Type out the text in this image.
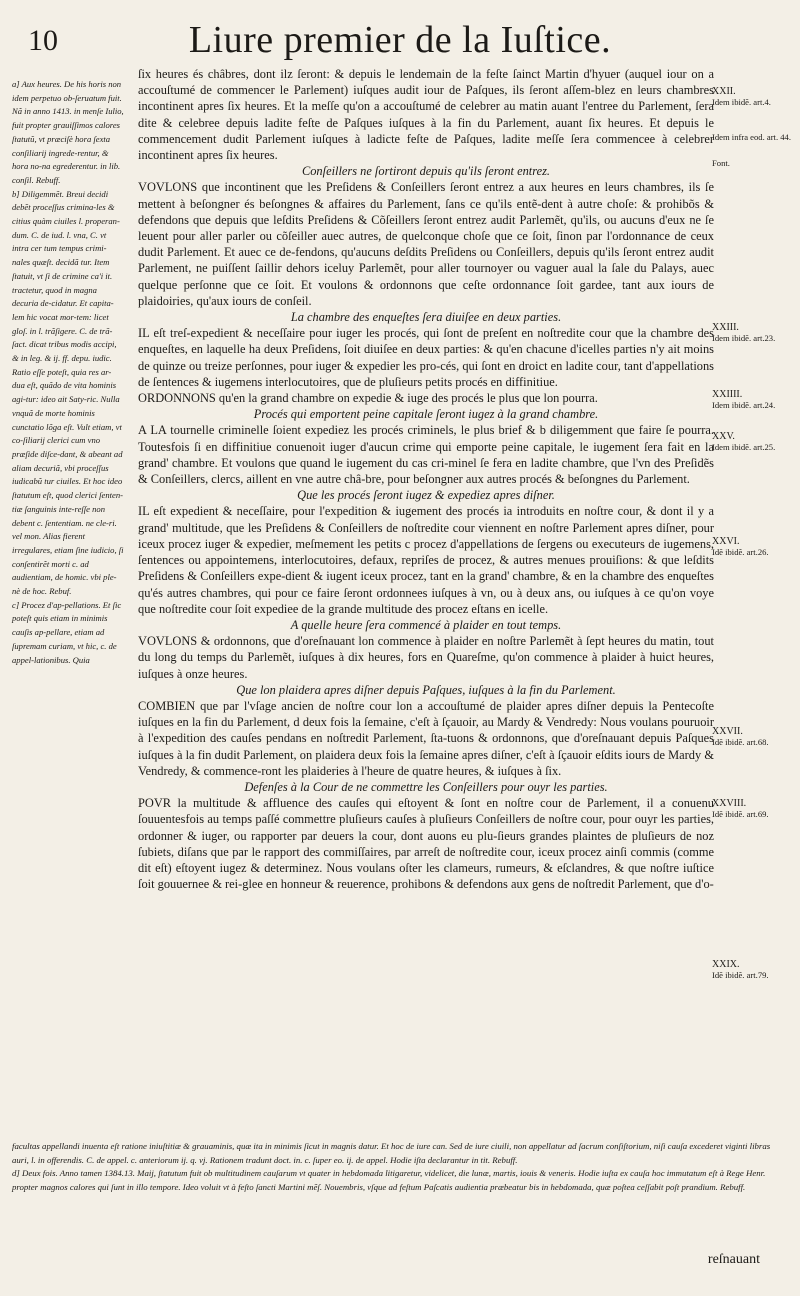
10	Liure premier de la Iuſtice.

a] Aux heures. De his horis non idem perpetuo ob-ſeruatum fuit. Nã in anno 1413. in menſe Iulio, fuit propter grauiſſimos calores ſtatutũ, vt præciſè hora ſexta conſiliarij ingrede-rentur, & hora no-na egrederentur. in lib. conſil. Rebuff.

b] Diligemmẽt. Breui decidi debẽt proceſſus crimina-les & citius quàm ciuiles l. properan-dum. C. de iud. l. vna, C. vt intra cer tum tempus crimi-nales quæſt. decidã tur. Item ſtatuit, vt ſi de crimine ca'i it. tractetur, quod in magna decuria de-cidatur. Et capita-lem hic vocat mor-tem: licet gloſ. in l. trãſigere. C. de trã-ſact. dicat tribus modis accipi, & in leg. & ij. ff. depu. iudic. Ratio eſſe poteſt, quia res ar-dua eſt, quãdo de vita hominis agi-tur: ideo ait Saty-ric. Nulla vnquã de morte hominis cunctatio lõga eſt. Vult etiam, vt co-ſiliarij clerici cum vno præſide diſce-dant, & abeant ad aliam decuriã, vbi proceſſus iudicabũ tur ciuiles. Et hoc ideo ſtatutum eſt, quod clerici ſenten-tiæ ſanguinis inte-reſſe non debent c. ſententiam. ne cle-ri. vel mon. Alias fierent irregulares, etiam ſine iudicio, ſi conſentirẽt morti c. ad audientiam, de homic. vbi ple-nè de hoc. Rebuf.

c] Procez d'ap-pellations. Et ſic poteſt quis etiam in minimis cauſis ap-pellare, etiam ad ſupremam curiam, vt hic, c. de appel-lationibus. Quia

ſix heures és châbres, dont ilz ſeront: & depuis le lendemain de la feſte ſainct Martin d'hyuer (auquel iour on a accouſtumé de commencer le Parlement) iuſques audit iour de Paſques, ils ſeront aſſem-blez en leurs chambres incontinent apres ſix heures. Et la meſſe qu'on a accouſtumé de celebrer au matin auant l'entree du Parlement, ſera dite & celebree depuis ladite feſte de Paſques iuſques à la fin du Parlement, auant ſix heures. Et depuis le commencement dudit Parlement iuſques à ladicte feſte de Paſques, ladite meſſe ſera commencee à celebrer incontinent apres ſix heures.

Conſeillers ne ſortiront depuis qu'ils ſeront entrez.

VOVLONS que incontinent que les Preſidens & Conſeillers ſeront entrez a aux heures en leurs chambres, ils ſe mettent à beſongner és beſongnes & affaires du Parlement, ſans ce qu'ils entẽ-dent à autre choſe: & prohibõs & defendons que depuis que leſdits Preſidens & Cõſeillers ſeront entrez audit Parlemẽt, qu'ils, ou aucuns d'eux ne ſe leuent pour aller parler ou cõſeiller auec autres, de quelconque choſe que ce ſoit, ſinon par l'ordonnance de ceux dudit Parlement. Et auec ce de-fendons, qu'aucuns deſdits Preſidens ou Conſeillers, depuis qu'ils ſeront entrez audit Parlement, ne puiſſent ſaillir dehors iceluy Parlemẽt, pour aller tournoyer ou vaguer aual la ſale du Palays, auec quelque perſonne que ce ſoit. Et voulons & ordonnons que ceſte ordonnance ſoit gardee, tant aux iours de plaidoiries, qu'aux iours de conſeil.

La chambre des enqueſtes ſera diuiſee en deux parties.

IL eſt treſ-expedient & neceſſaire pour iuger les procés, qui ſont de preſent en noſtredite cour que la chambre des enqueſtes, en laquelle ha deux Preſidens, ſoit diuiſee en deux parties: & qu'en chacune d'icelles parties n'y ait moins de quinze ou treize perſonnes, pour iuger & expedier les pro-cés, qui ſont en droict en ladite cour, tant d'appellations de ſentences & iugemens interlocutoires, que de pluſieurs petits procés en diffinitiue.

ORDONNONS qu'en la grand chambre on expedie & iuge des procés le plus que lon pourra.

Procés qui emportent peine capitale ſeront iugez à la grand chambre.

A LA tournelle criminelle ſoient expediez les procés criminels, le plus brief & b diligemment que faire ſe pourra. Toutesfois ſi en diffinitiue conuenoit iuger d'aucun crime qui emporte peine capitale, le iugement ſera fait en la grand' chambre. Et voulons que quand le iugement du cas cri-minel ſe fera en ladite chambre, que l'vn des Preſidẽs & Conſeillers, clercs, aillent en vne autre châ-bre, pour beſongner aux autres procés & beſongnes du Parlement.

Que les procés ſeront iugez & expediez apres diſner.

IL eſt expedient & neceſſaire, pour l'expedition & iugement des procés ia introduits en noſtre cour, & dont il y a grand' multitude, que les Preſidens & Conſeillers de noſtredite cour viennent en noſtre Parlement apres diſner, pour iceux procez iuger & expedier, meſmement les petits c procez d'appellations de ſergens ou executeurs de iugemens, ſentences ou appointemens, interlocutoires, defaux, repriſes de procez, & autres menues prouiſions: & que leſdits Preſidens & Conſeillers expe-dient & iugent iceux procez, tant en la grand' chambre, & en la chambre des enqueſtes qu'és autres chambres, qui pour ce faire ſeront ordonnees iuſques à vn, ou à deux ans, ou iuſques à ce qu'on voye que noſtredite cour ſoit expediee de la grande multitude des procez eſtans en icelle.

A quelle heure ſera commencé à plaider en tout temps.

VOVLONS & ordonnons, que d'oreſnauant lon commence à plaider en noſtre Parlemẽt à ſept heures du matin, tout du long du temps du Parlemẽt, iuſques à dix heures, fors en Quareſme, qu'on commence à plaider à huict heures, iuſques à onze heures.

Que lon plaidera apres diſner depuis Paſques, iuſques à la fin du Parlement.

COMBIEN que par l'vſage ancien de noſtre cour lon a accouſtumé de plaider apres diſner depuis la Pentecoſte iuſques en la fin du Parlement, d deux fois la ſemaine, c'eſt à ſçauoir, au Mardy & Vendredy: Nous voulans pouruoir à l'expedition des cauſes pendans en noſtredit Parlement, ſta-tuons & ordonnons, que d'oreſnauant depuis Paſques iuſques à la fin dudit Parlement, on plaidera deux fois la ſemaine apres diſner, c'eſt à ſçauoir eſdits iours de Mardy & Vendredy, & commence-ront les plaideries à l'heure de quatre heures, & iuſques à ſix.

Defenſes à la Cour de ne commettre les Conſeillers pour ouyr les parties.

POVR la multitude & affluence des cauſes qui eſtoyent & ſont en noſtre cour de Parlement, il a conuenu ſouuentesfois au temps paſſé commettre pluſieurs cauſes à pluſieurs Conſeillers de noſtre cour, pour ouyr les parties, ordonner & iuger, ou rapporter par deuers la cour, dont auons eu plu-ſieurs grandes plaintes de pluſieurs de noz ſubiets, diſans que par le rapport des commiſſaires, par arreſt de noſtredite cour, iceux procez ainſi commis (comme dit eſt) eſtoyent iugez & determinez. Nous voulans oſter les clameurs, rumeurs, & eſclandres, & que noſtre iuſtice ſoit gouuernee & rei-glee en honneur & reuerence, prohibons & defendons aux gens de noſtredit Parlement, que d'o-

XXII.
Idem ibidẽ. art.4.
Idem infra eod. art. 44.
Font.
XXIII.
Idem ibidẽ. art.23.
XXIIII.
Idem ibidẽ. art.24.
XXV.
Idem ibidẽ. art.25.
XXVI.
Idẽ ibidẽ. art.26.
XXVII.
Idẽ ibidẽ. art.68.
XXVIII.
Idẽ ibidẽ. art.69.
XXIX.
Idẽ ibidẽ. art.79.

facultas appellandi inuenta eſt ratione iniuſtitiæ & grauaminis, quæ ita in minimis ſicut in magnis datur. Et hoc de iure can. Sed de iure ciuili, non appellatur ad ſacrum conſiſtorium, niſi cauſa excederet viginti libras auri, l. in offerendis. C. de appel. c. anteriorum ij. q. vj. Rationem tradunt doct. in. c. ſuper eo. ij. de appel. Hodie iſta declarantur in tit. Rebuff.

d] Deux fois. Anno tamen 1384.13. Maij, ſtatutum fuit ob multitudinem cauſarum vt quater in hebdomada litigaretur, videlicet, die lunæ, martis, iouis & veneris. Hodie iuſta ex cauſa hoc immutatum eſt à Rege Henr. propter magnos calores qui ſunt in illo tempore. Ideo voluit vt à feſto ſancti Martini mẽſ. Nouembris, vſque ad feſtum Paſcatis audientia præbeatur bis in hebdomada, quæ poſtea ceſſabit poſt prandium. Rebuff.

reſnauant
